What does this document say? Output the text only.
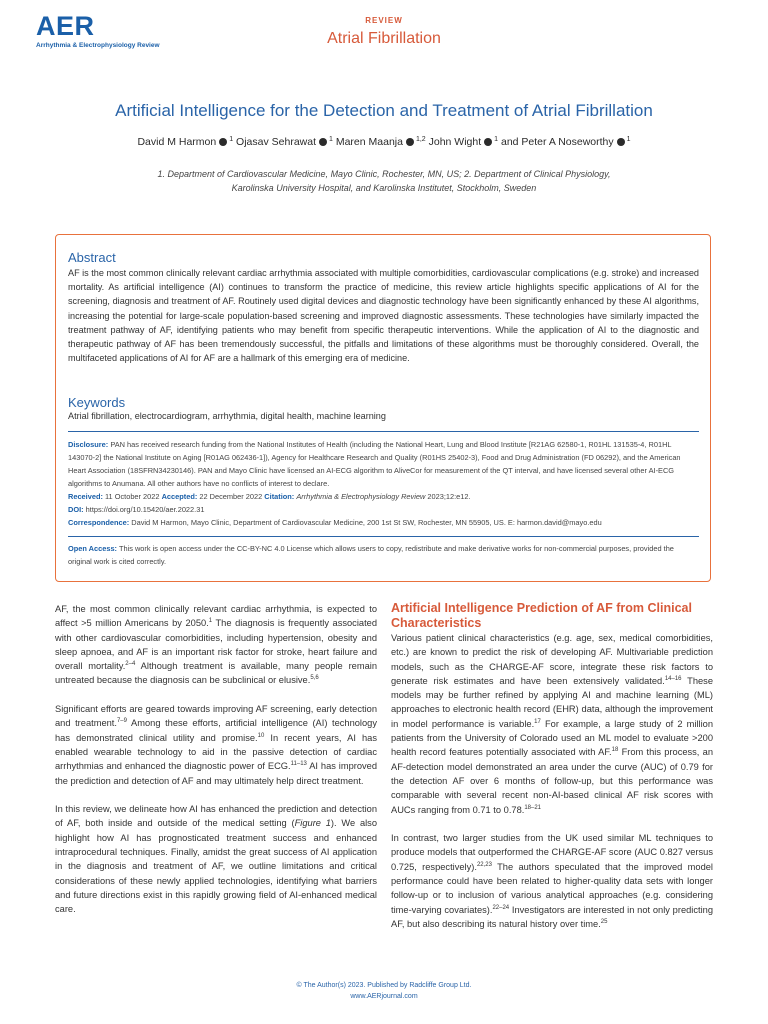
AER
Arrhythmia & Electrophysiology Review
REVIEW
Atrial Fibrillation
Artificial Intelligence for the Detection and Treatment of Atrial Fibrillation
David M Harmon $^1$ Ojasav Sehrawat $^1$ Maren Maanja $^{1,2}$ John Wight $^1$ and Peter A Noseworthy $^1$
1. Department of Cardiovascular Medicine, Mayo Clinic, Rochester, MN, US; 2. Department of Clinical Physiology,
Karolinska University Hospital, and Karolinska Institutet, Stockholm, Sweden
Abstract
AF is the most common clinically relevant cardiac arrhythmia associated with multiple comorbidities, cardiovascular complications (e.g. stroke) and increased mortality. As artificial intelligence (AI) continues to transform the practice of medicine, this review article highlights specific applications of AI for the screening, diagnosis and treatment of AF. Routinely used digital devices and diagnostic technology have been significantly enhanced by these AI algorithms, increasing the potential for large-scale population-based screening and improved diagnostic assessments. These technologies have similarly impacted the treatment pathway of AF, identifying patients who may benefit from specific therapeutic interventions. While the application of AI to the diagnostic and therapeutic pathway of AF has been tremendously successful, the pitfalls and limitations of these algorithms must be thoroughly considered. Overall, the multifaceted applications of AI for AF are a hallmark of this emerging era of medicine.
Keywords
Atrial fibrillation, electrocardiogram, arrhythmia, digital health, machine learning
Disclosure: PAN has received research funding from the National Institutes of Health (including the National Heart, Lung and Blood Institute [R21AG 62580-1, R01HL 131535-4, R01HL 143070-2] the National Institute on Aging [R01AG 062436-1]), Agency for Healthcare Research and Quality (R01HS 25402-3), Food and Drug Administration (FD 06292), and the American Heart Association (18SFRN34230146). PAN and Mayo Clinic have licensed an AI-ECG algorithm to AliveCor for measurement of the QT interval, and have licensed several other AI-ECG algorithms to Anumana. All other authors have no conflicts of interest to declare.
Received: 11 October 2022 Accepted: 22 December 2022 Citation: Arrhythmia & Electrophysiology Review 2023;12:e12.
DOI: https://doi.org/10.15420/aer.2022.31
Correspondence: David M Harmon, Mayo Clinic, Department of Cardiovascular Medicine, 200 1st St SW, Rochester, MN 55905, US. E: harmon.david@mayo.edu
Open Access: This work is open access under the CC-BY-NC 4.0 License which allows users to copy, redistribute and make derivative works for non-commercial purposes, provided the original work is cited correctly.

AF, the most common clinically relevant cardiac arrhythmia, is expected to affect >5 million Americans by 2050.$^1$ The diagnosis is frequently associated with other cardiovascular comorbidities, including hypertension, obesity and sleep apnoea, and AF is an important risk factor for stroke, heart failure and overall mortality.$^{2-4}$ Although treatment is available, many people remain untreated because the diagnosis can be subclinical or elusive.$^{5,6}$

Significant efforts are geared towards improving AF screening, early detection and treatment.$^{7-9}$ Among these efforts, artificial intelligence (AI) technology has demonstrated clinical utility and promise.$^{10}$ In recent years, AI has enabled wearable technology to aid in the passive detection of cardiac arrhythmias and enhanced the diagnostic power of ECG.$^{11-13}$ AI has improved the prediction and detection of AF and may ultimately help direct treatment.

In this review, we delineate how AI has enhanced the prediction and detection of AF, both inside and outside of the medical setting (Figure 1). We also highlight how AI has prognosticated treatment success and enhanced intraprocedural techniques. Finally, amidst the great success of AI application in the diagnosis and treatment of AF, we outline limitations and critical considerations of these newly applied technologies, identifying what barriers and future directions exist in this rapidly growing field of AI-enhanced medical care.

Artificial Intelligence Prediction of AF from Clinical Characteristics

Various patient clinical characteristics (e.g. age, sex, medical comorbidities, etc.) are known to predict the risk of developing AF. Multivariable prediction models, such as the CHARGE-AF score, integrate these risk factors to generate risk estimates and have been extensively validated.$^{14-16}$ These models may be further refined by applying AI and machine learning (ML) approaches to electronic health record (EHR) data, although the improvement in model performance is variable.$^{17}$ For example, a large study of 2 million patients from the University of Colorado used an ML model to evaluate >200 health record features potentially associated with AF.$^{18}$ From this process, an AF-detection model demonstrated an area under the curve (AUC) of 0.79 for the detection AF over 6 months of follow-up, but this performance was comparable with several recent non-AI-based clinical AF risk scores with AUCs ranging from 0.71 to 0.78.$^{18-21}$

In contrast, two larger studies from the UK used similar ML techniques to produce models that outperformed the CHARGE-AF score (AUC 0.827 versus 0.725, respectively).$^{22,23}$ The authors speculated that the improved model performance could have been related to higher-quality data sets with longer follow-up or to inclusion of various analytical approaches (e.g. considering time-varying covariates).$^{22-24}$ Investigators are interested in not only predicting AF, but also describing its natural history over time.$^{25}$

© The Author(s) 2023. Published by Radcliffe Group Ltd.
www.AERjournal.com
